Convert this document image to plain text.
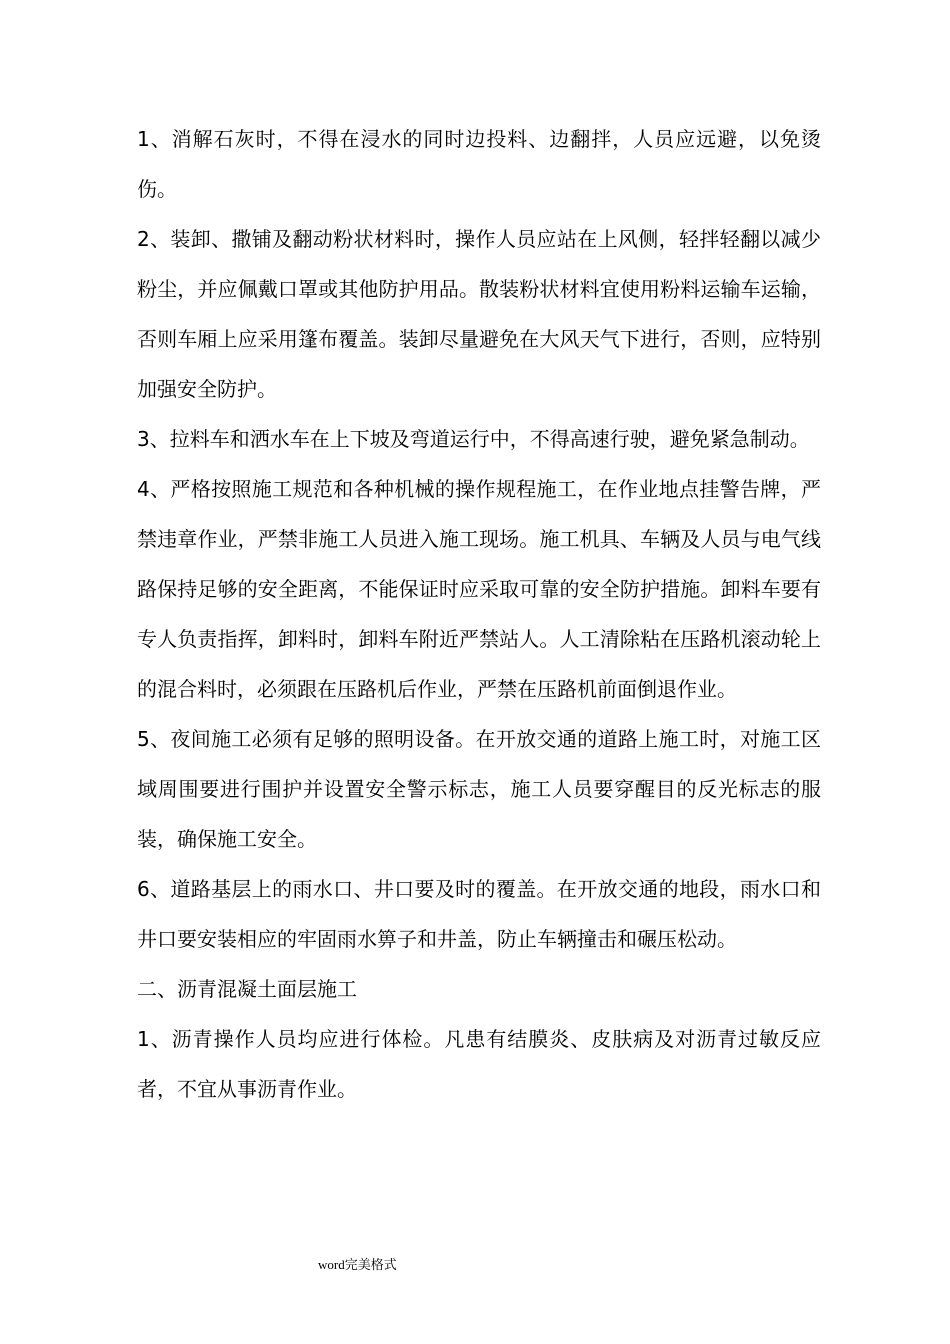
1、消解石灰时，不得在浸水的同时边投料、边翻拌，人员应远避，以免烫伤。

2、装卸、撒铺及翻动粉状材料时，操作人员应站在上风侧，轻拌轻翻以减少粉尘，并应佩戴口罩或其他防护用品。散装粉状材料宜使用粉料运输车运输，否则车厢上应采用篷布覆盖。装卸尽量避免在大风天气下进行，否则，应特别加强安全防护。

3、拉料车和洒水车在上下坡及弯道运行中，不得高速行驶，避免紧急制动。

4、严格按照施工规范和各种机械的操作规程施工，在作业地点挂警告牌，严禁违章作业，严禁非施工人员进入施工现场。施工机具、车辆及人员与电气线路保持足够的安全距离，不能保证时应采取可靠的安全防护措施。卸料车要有专人负责指挥，卸料时，卸料车附近严禁站人。人工清除粘在压路机滚动轮上的混合料时，必须跟在压路机后作业，严禁在压路机前面倒退作业。

5、夜间施工必须有足够的照明设备。在开放交通的道路上施工时，对施工区域周围要进行围护并设置安全警示标志，施工人员要穿醒目的反光标志的服装，确保施工安全。

6、道路基层上的雨水口、井口要及时的覆盖。在开放交通的地段，雨水口和井口要安装相应的牢固雨水箅子和井盖，防止车辆撞击和碾压松动。

二、沥青混凝土面层施工

1、沥青操作人员均应进行体检。凡患有结膜炎、皮肤病及对沥青过敏反应者，不宜从事沥青作业。

word完美格式
